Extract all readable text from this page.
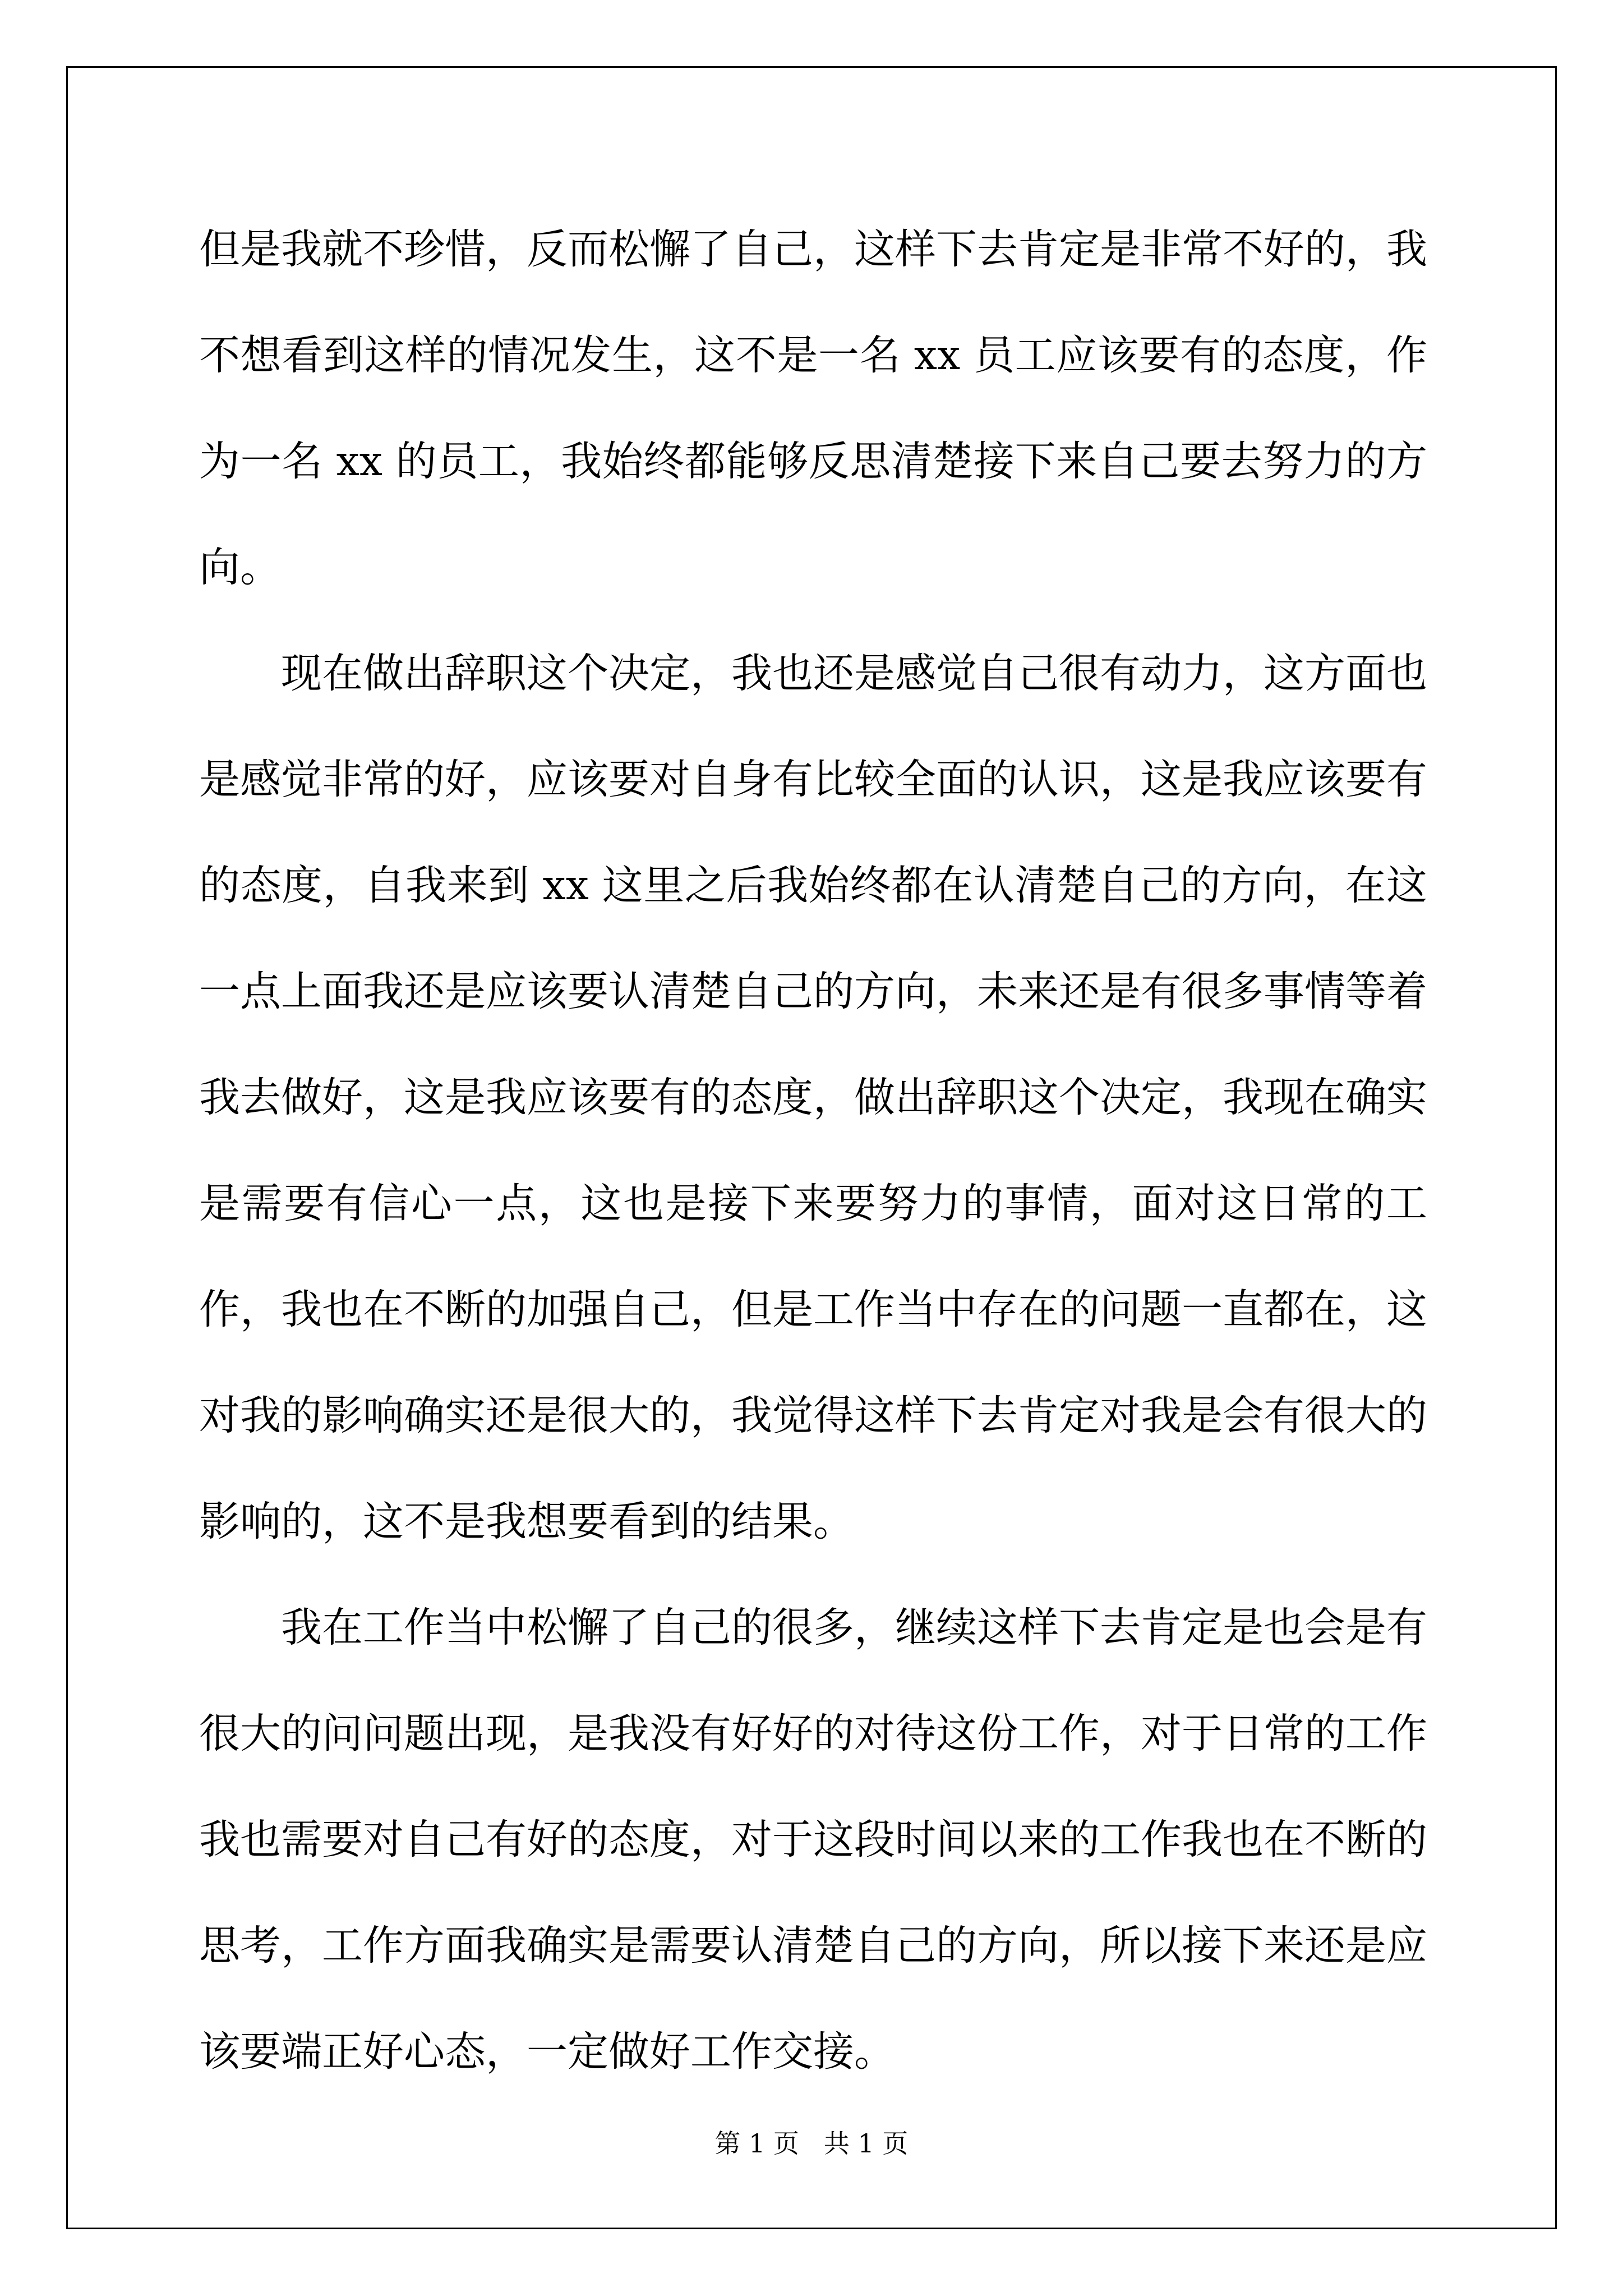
但是我就不珍惜，反而松懈了自己，这样下去肯定是非常不好的，我不想看到这样的情况发生，这不是一名 xx 员工应该要有的态度，作为一名 xx 的员工，我始终都能够反思清楚接下来自己要去努力的方向。

现在做出辞职这个决定，我也还是感觉自己很有动力，这方面也是感觉非常的好，应该要对自身有比较全面的认识，这是我应该要有的态度，自我来到 xx 这里之后我始终都在认清楚自己的方向，在这一点上面我还是应该要认清楚自己的方向，未来还是有很多事情等着我去做好，这是我应该要有的态度，做出辞职这个决定，我现在确实是需要有信心一点，这也是接下来要努力的事情，面对这日常的工作，我也在不断的加强自己，但是工作当中存在的问题一直都在，这对我的影响确实还是很大的，我觉得这样下去肯定对我是会有很大的影响的，这不是我想要看到的结果。

我在工作当中松懈了自己的很多，继续这样下去肯定是也会是有很大的问问题出现，是我没有好好的对待这份工作，对于日常的工作我也需要对自己有好的态度，对于这段时间以来的工作我也在不断的思考，工作方面我确实是需要认清楚自己的方向，所以接下来还是应该要端正好心态，一定做好工作交接。

第 1 页   共 1 页
